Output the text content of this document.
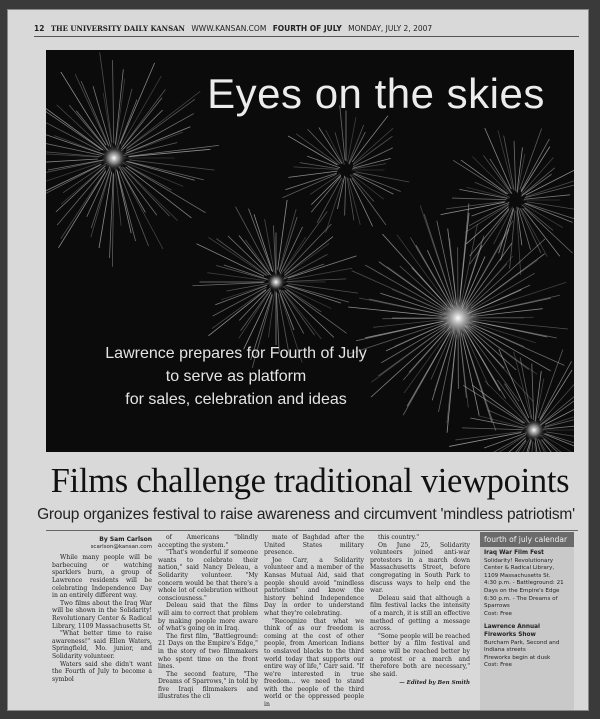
12 THE UNIVERSITY DAILY KANSAN WWW.KANSAN.COM FOURTH OF JULY MONDAY, JULY 2, 2007
Eyes on the skies
Lawrence prepares for Fourth of July
to serve as platform
for sales, celebration and ideas
Films challenge traditional viewpoints
Group organizes festival to raise awareness and circumvent 'mindless patriotism'
By Sam Carlson
scarlson@kansan.com

While many people will be barbecuing or watching sparklers burn, a group of Lawrence residents will be celebrating Independence Day in an entirely different way.

Two films about the Iraq War will be shown in the Solidarity! Revolutionary Center & Radical Library, 1109 Massachusetts St.

"What better time to raise awareness!" said Ellen Waters, Springfield, Mo. junior, and Solidarity volunteer.

Waters said she didn't want the Fourth of July to become a symbol

of Americans "blindly accepting the system."

"That's wonderful if someone wants to celebrate their nation," said Nancy Deleau, a Solidarity volunteer. "My concern would be that there's a whole lot of celebration without consciousness."

Deleau said that the films will aim to correct that problem by making people more aware of what's going on in Iraq.

The first film, "Battleground: 21 Days on the Empire's Edge," in the story of two filmmakers who spent time on the front lines.

The second feature, "The Dreams of Sparrows," in told by five Iraqi filmmakers and illustrates the cli

mate of Baghdad after the United States military presence.

Joe Carr, a Solidarity volunteer and a member of the Kansas Mutual Aid, said that people should avoid "mindless patriotism" and know the history behind Independence Day in order to understand what they're celebrating.

"Recognize that what we think of as our freedom is coming at the cost of other people, from American Indians to enslaved blacks to the third world today that supports our entire way of life," Carr said. "If we're interested in true freedom... we need to stand with the people of the third world or the oppressed people in

this country."

On June 25, Solidarity volunteers joined anti-war protestors in a march down Massachusetts Street, before congregating in South Park to discuss ways to help end the war.

Deleau said that although a film festival lacks the intensity of a march, it is still an effective method of getting a message across.

"Some people will be reached better by a film festival and some will be reached better by a protest or a march and therefore both are necessary," she said.

— Edited by Ben Smith
fourth of july calendar
Iraq War Film Fest
Solidarity! Revolutionary Center & Radical Library, 1109 Massachusetts St.
4:30 p.m. - Battleground: 21 Days on the Empire's Edge
6:30 p.m. - The Dreams of Sparrows
Cost: Free
Lawrence Annual Fireworks Show
Burcham Park, Second and Indiana streets
Fireworks begin at dusk
Cost: Free
